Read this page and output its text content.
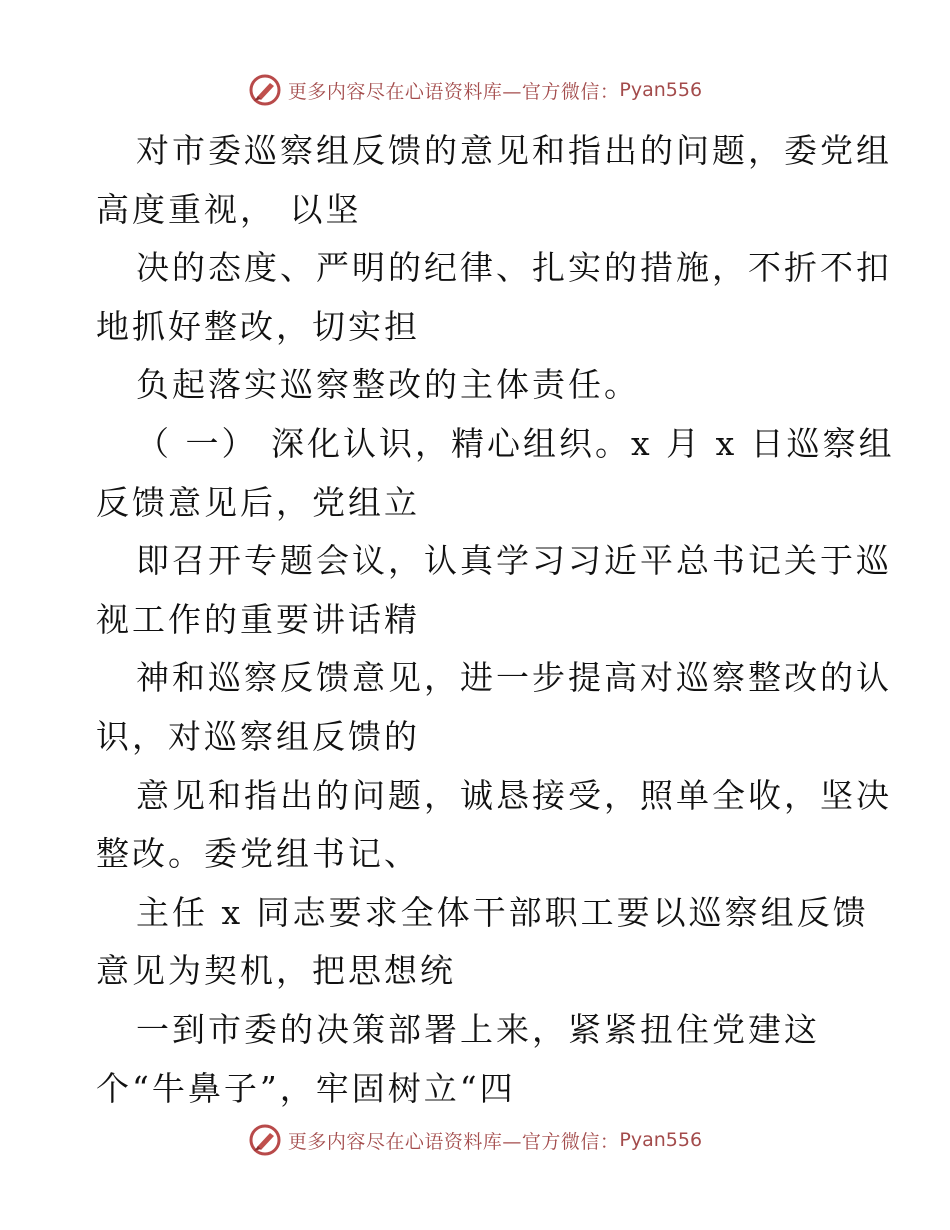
更多内容尽在心语资料库—官方微信： Pyan556
对市委巡察组反馈的意见和指出的问题，委党组
高度重视， 以坚
决的态度、严明的纪律、扎实的措施，不折不扣
地抓好整改，切实担
负起落实巡察整改的主体责任。
（ 一） 深化认识，精心组织。x 月 x 日巡察组
反馈意见后，党组立
即召开专题会议，认真学习习近平总书记关于巡
视工作的重要讲话精
神和巡察反馈意见，进一步提高对巡察整改的认
识，对巡察组反馈的
意见和指出的问题，诚恳接受，照单全收，坚决
整改。委党组书记、
主任 x 同志要求全体干部职工要以巡察组反馈
意见为契机，把思想统
一到市委的决策部署上来，紧紧扭住党建这
个“牛鼻子”，牢固树立“四
更多内容尽在心语资料库—官方微信： Pyan556
